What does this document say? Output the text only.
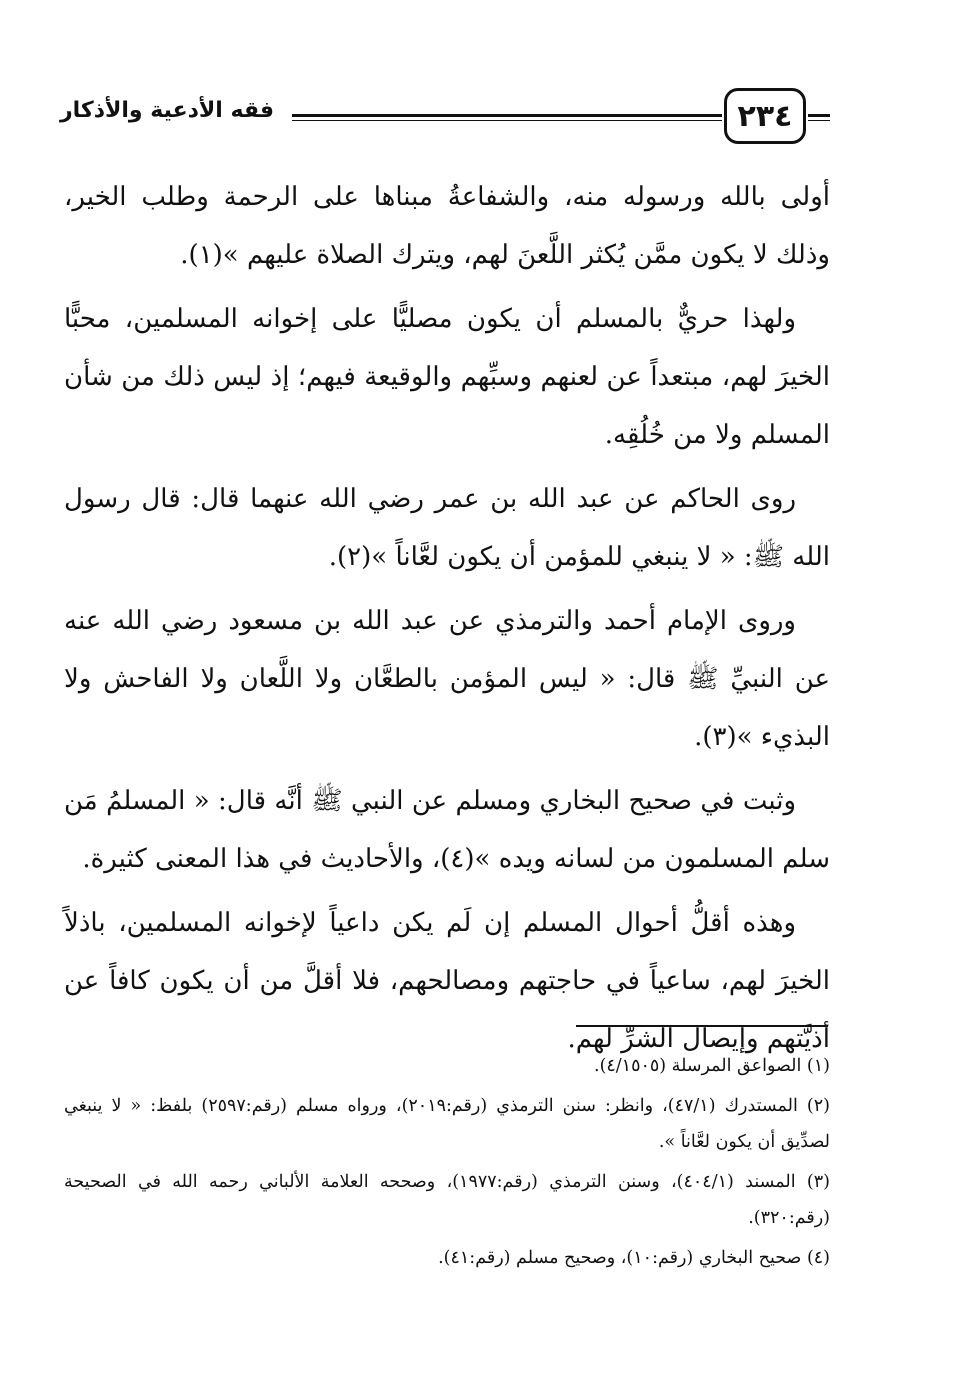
فقه الأدعية والأذكار	٢٣٤

أولى بالله ورسوله منه، والشفاعةُ مبناها على الرحمة وطلب الخير، وذلك لا يكون ممَّن يُكثر اللَّعنَ لهم، ويترك الصلاة عليهم »(١).

ولهذا حريٌّ بالمسلم أن يكون مصليًّا على إخوانه المسلمين، محبًّا الخيرَ لهم، مبتعداً عن لعنهم وسبِّهم والوقيعة فيهم؛ إذ ليس ذلك من شأن المسلم ولا من خُلُقِه.

روى الحاكم عن عبد الله بن عمر رضي الله عنهما قال: قال رسول الله ﷺ: « لا ينبغي للمؤمن أن يكون لعَّاناً »(٢).

وروى الإمام أحمد والترمذي عن عبد الله بن مسعود رضي الله عنه عن النبيِّ ﷺ قال: « ليس المؤمن بالطعَّان ولا اللَّعان ولا الفاحش ولا البذيء »(٣).

وثبت في صحيح البخاري ومسلم عن النبي ﷺ أنَّه قال: « المسلمُ مَن سلم المسلمون من لسانه ويده »(٤)، والأحاديث في هذا المعنى كثيرة.

وهذه أقلُّ أحوال المسلم إن لَم يكن داعياً لإخوانه المسلمين، باذلاً الخيرَ لهم، ساعياً في حاجتهم ومصالحهم، فلا أقلَّ من أن يكون كافاً عن أذيَّتهم وإيصال الشرِّ لهم.

(١) الصواعق المرسلة (٤/١٥٠٥).

(٢) المستدرك (٤٧/١)، وانظر: سنن الترمذي (رقم:٢٠١٩)، ورواه مسلم (رقم:٢٥٩٧) بلفظ: « لا ينبغي لصدِّيق أن يكون لعَّاناً ».

(٣) المسند (٤٠٤/١)، وسنن الترمذي (رقم:١٩٧٧)، وصححه العلامة الألباني رحمه الله في الصحيحة (رقم:٣٢٠).

(٤) صحيح البخاري (رقم:١٠)، وصحيح مسلم (رقم:٤١).
